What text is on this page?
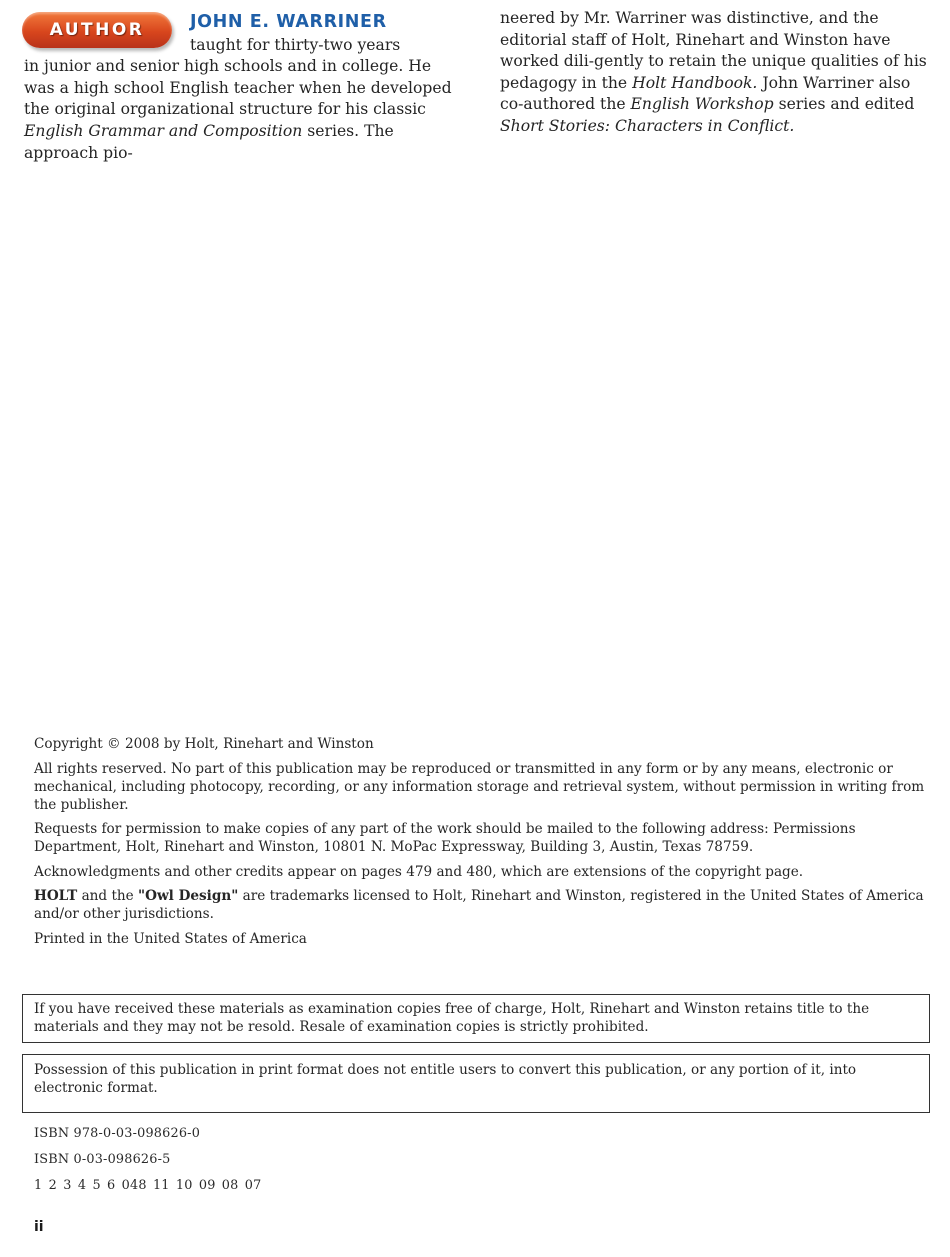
AUTHOR	JOHN E. WARRINER
taught for thirty-two years
in junior and senior high schools and in college. He was a high school English teacher when he developed the original organizational structure for his classic English Grammar and Composition series. The approach pio-
neered by Mr. Warriner was distinctive, and the editorial staff of Holt, Rinehart and Winston have worked dili-gently to retain the unique qualities of his pedagogy in the Holt Handbook. John Warriner also co-authored the English Workshop series and edited Short Stories: Characters in Conflict.

Copyright © 2008 by Holt, Rinehart and Winston

All rights reserved. No part of this publication may be reproduced or transmitted in any form or by any means, electronic or mechanical, including photocopy, recording, or any information storage and retrieval system, without permission in writing from the publisher.

Requests for permission to make copies of any part of the work should be mailed to the following address: Permissions Department, Holt, Rinehart and Winston, 10801 N. MoPac Expressway, Building 3, Austin, Texas 78759.

Acknowledgments and other credits appear on pages 479 and 480, which are extensions of the copyright page.

HOLT and the "Owl Design" are trademarks licensed to Holt, Rinehart and Winston, registered in the United States of America and/or other jurisdictions.

Printed in the United States of America

If you have received these materials as examination copies free of charge, Holt, Rinehart and Winston retains title to the materials and they may not be resold. Resale of examination copies is strictly prohibited.
Possession of this publication in print format does not entitle users to convert this publication, or any portion of it, into electronic format.
ISBN 978-0-03-098626-0
ISBN 0-03-098626-5
1 2 3 4 5 6 048 11 10 09 08 07
ii
